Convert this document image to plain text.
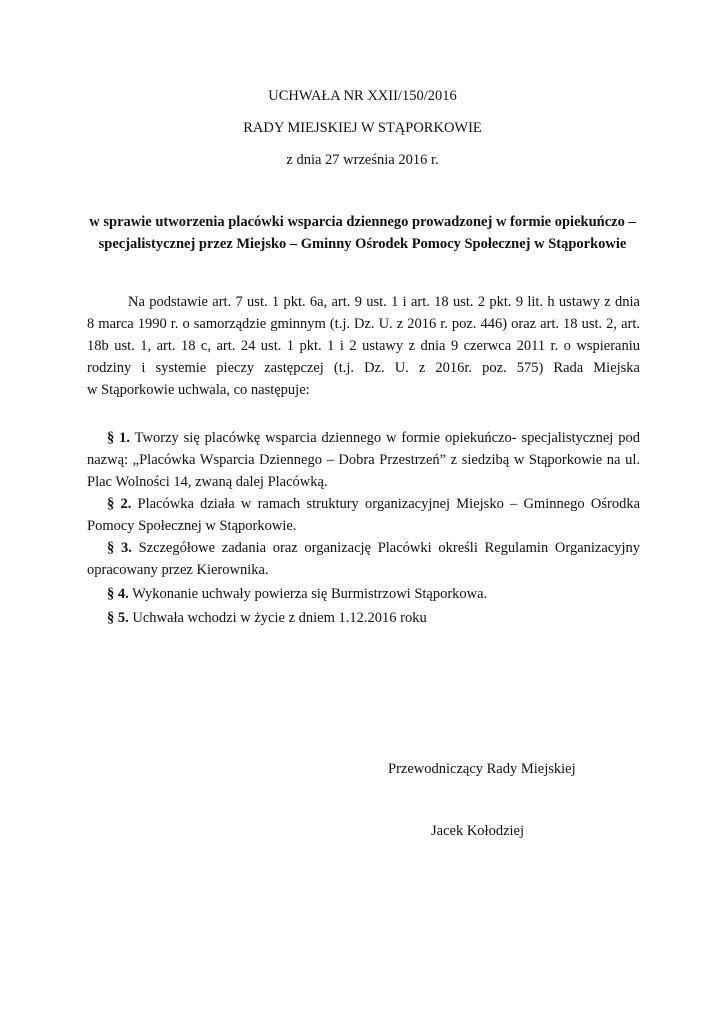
UCHWAŁA NR XXII/150/2016
RADY MIEJSKIEJ W STĄPORKOWIE
z dnia 27 września 2016 r.
w sprawie utworzenia placówki wsparcia dziennego prowadzonej w formie opiekuńczo –
specjalistycznej przez Miejsko – Gminny Ośrodek Pomocy Społecznej w Stąporkowie
Na podstawie art. 7 ust. 1 pkt. 6a, art. 9 ust. 1 i art. 18 ust. 2 pkt. 9 lit. h ustawy z dnia
8 marca 1990 r. o samorządzie gminnym (t.j. Dz. U. z 2016 r. poz. 446) oraz art. 18 ust. 2, art.
18b ust. 1, art. 18 c, art. 24 ust. 1 pkt. 1 i 2 ustawy z dnia 9 czerwca 2011 r. o wspieraniu
rodziny i systemie pieczy zastępczej (t.j. Dz. U. z 2016r. poz. 575) Rada Miejska
w Stąporkowie uchwala, co następuje:
§ 1. Tworzy się placówkę wsparcia dziennego w formie opiekuńczo- specjalistycznej pod
nazwą: „Placówka Wsparcia Dziennego – Dobra Przestrzeń” z siedzibą w Stąporkowie na ul.
Plac Wolności 14, zwaną dalej Placówką.
§ 2. Placówka działa w ramach struktury organizacyjnej Miejsko – Gminnego Ośrodka
Pomocy Społecznej w Stąporkowie.
§ 3. Szczegółowe zadania oraz organizację Placówki określi Regulamin Organizacyjny
opracowany przez Kierownika.
§ 4. Wykonanie uchwały powierza się Burmistrzowi Stąporkowa.
§ 5. Uchwała wchodzi w życie z dniem 1.12.2016 roku
Przewodniczący Rady Miejskiej
Jacek Kołodziej
